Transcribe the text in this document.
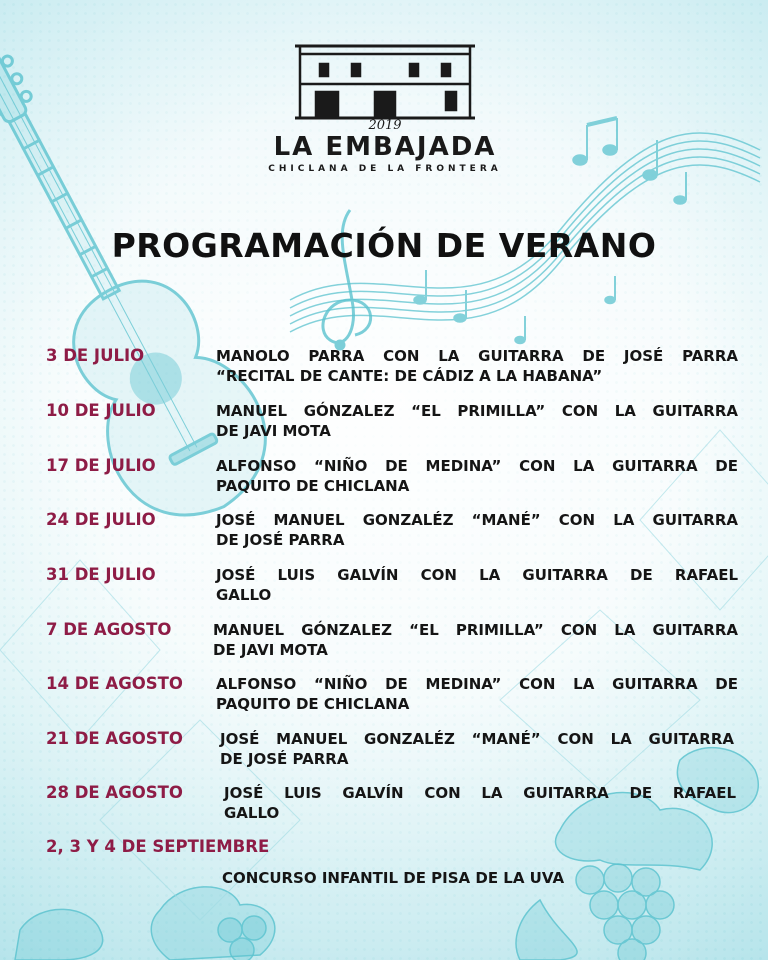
2019
LA EMBAJADA
CHICLANA DE LA FRONTERA
PROGRAMACIÓN DE VERANO
3 DE JULIO	MANOLO PARRA CON LA GUITARRA DE JOSÉ PARRA
“RECITAL DE CANTE: DE CÁDIZ A LA HABANA”
10 DE JULIO	MANUEL GÓNZALEZ “EL PRIMILLA” CON LA GUITARRA
DE JAVI MOTA
17 DE JULIO	ALFONSO “NIÑO DE MEDINA” CON LA GUITARRA DE
PAQUITO DE CHICLANA
24 DE JULIO	JOSÉ MANUEL GONZALÉZ “MANÉ” CON LA GUITARRA
DE JOSÉ PARRA
31 DE JULIO	JOSÉ LUIS GALVÍN CON LA GUITARRA DE RAFAEL
GALLO
7 DE AGOSTO	MANUEL GÓNZALEZ “EL PRIMILLA” CON LA GUITARRA
DE JAVI MOTA
14 DE AGOSTO ALFONSO “NIÑO DE MEDINA” CON LA GUITARRA DE
PAQUITO DE CHICLANA
21 DE AGOSTO JOSÉ MANUEL GONZALÉZ “MANÉ” CON LA GUITARRA
DE JOSÉ PARRA
28 DE AGOSTO	JOSÉ LUIS GALVÍN CON LA GUITARRA DE RAFAEL
GALLO
2, 3 Y 4 DE SEPTIEMBRE
CONCURSO INFANTIL DE PISA DE LA UVA
